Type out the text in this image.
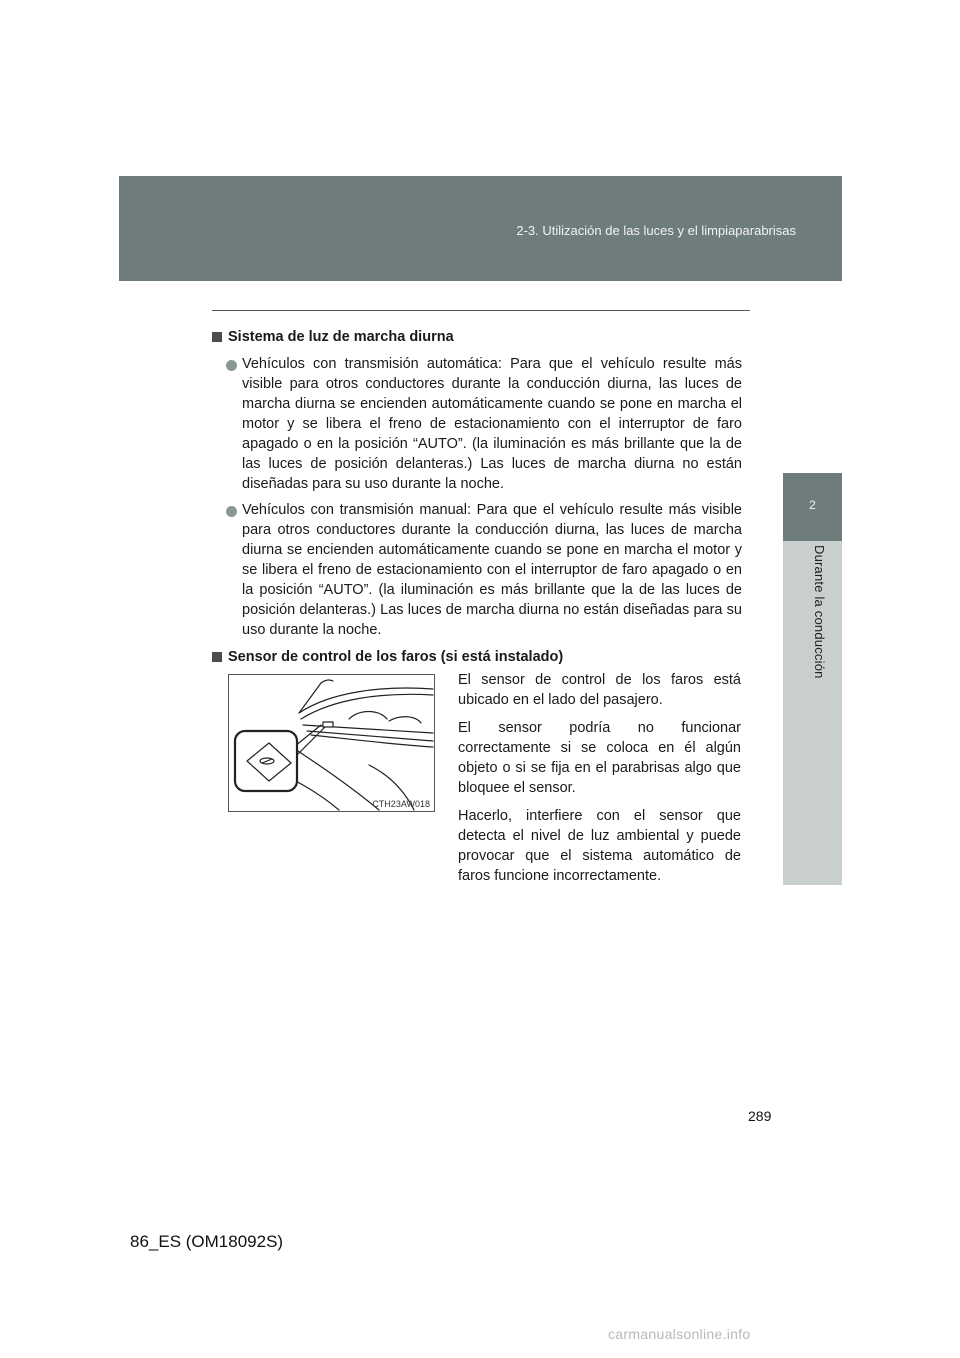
2-3. Utilización de las luces y el limpiaparabrisas
2
Durante la conducción
Sistema de luz de marcha diurna

Vehículos con transmisión automática: Para que el vehículo resulte más visible para otros conductores durante la conducción diurna, las luces de marcha diurna se encienden automáticamente cuando se pone en marcha el motor y se libera el freno de estacionamiento con el interruptor de faro apagado o en la posición “AUTO”. (la iluminación es más brillante que la de las luces de posición delanteras.) Las luces de marcha diurna no están diseñadas para su uso durante la noche.

Vehículos con transmisión manual: Para que el vehículo resulte más visible para otros conductores durante la conducción diurna, las luces de marcha diurna se encienden automáticamente cuando se pone en marcha el motor y se libera el freno de estacionamiento con el interruptor de faro apagado o en la posición “AUTO”. (la iluminación es más brillante que la de las luces de posición delanteras.) Las luces de marcha diurna no están diseñadas para su uso durante la noche.

Sensor de control de los faros (si está instalado)
CTH23AW018

El sensor de control de los faros está ubicado en el lado del pasajero.

El sensor podría no funcionar correctamente si se coloca en él algún objeto o si se fija en el parabrisas algo que bloquee el sensor.

Hacerlo, interfiere con el sensor que detecta el nivel de luz ambiental y puede provocar que el sistema automático de faros funcione incorrectamente.

289
86_ES (OM18092S)
carmanualsonline.info
